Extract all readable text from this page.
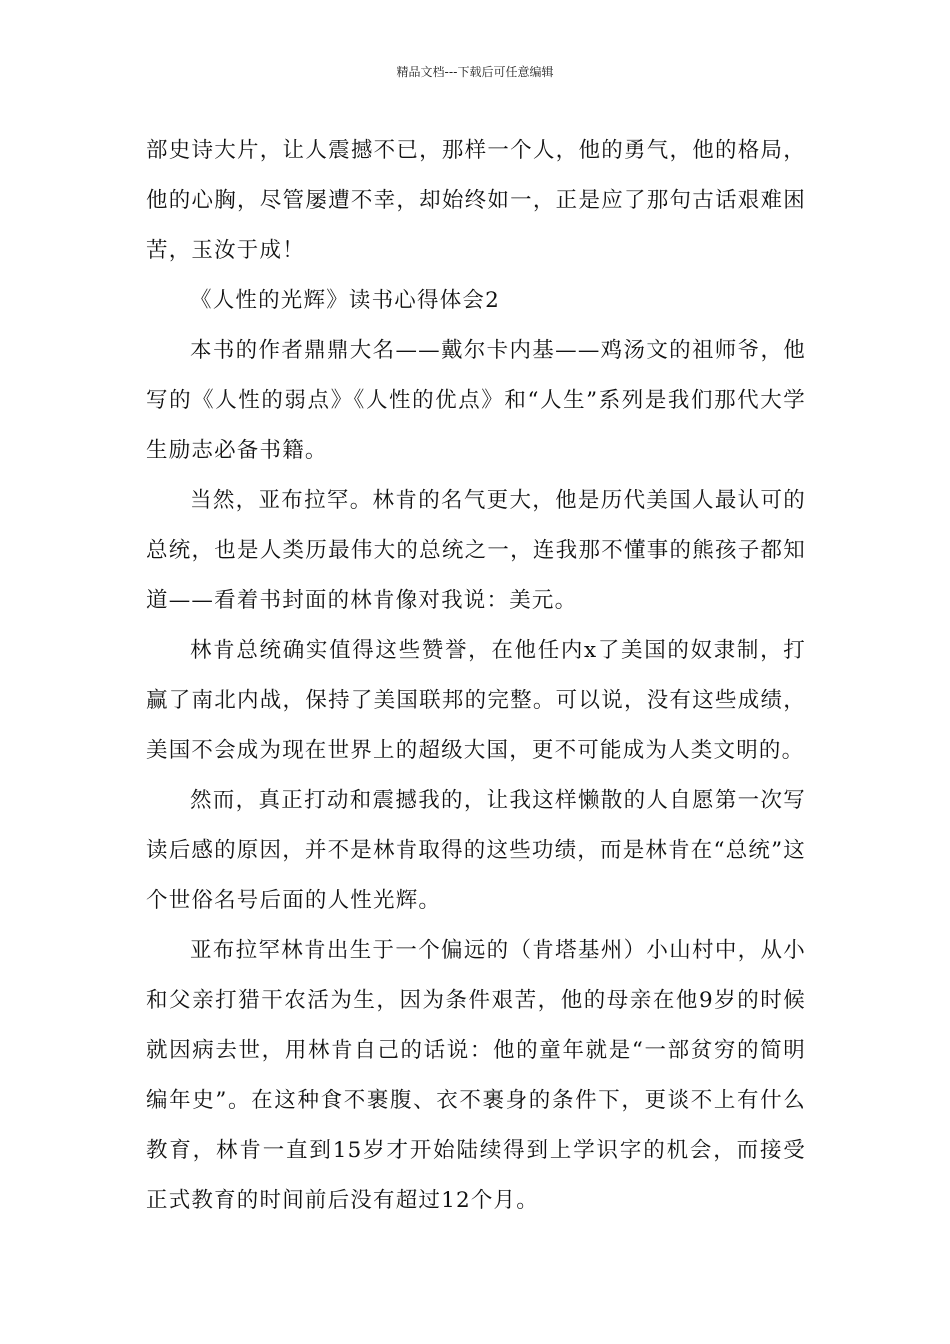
精品文档---下载后可任意编辑

部史诗大片，让人震撼不已，那样一个人，他的勇气，他的格局，他的心胸，尽管屡遭不幸，却始终如一，正是应了那句古话艰难困苦，玉汝于成！

《人性的光辉》读书心得体会2

本书的作者鼎鼎大名——戴尔卡内基——鸡汤文的祖师爷，他写的《人性的弱点》《人性的优点》和“人生”系列是我们那代大学生励志必备书籍。

当然，亚布拉罕。林肯的名气更大，他是历代美国人最认可的总统，也是人类历最伟大的总统之一，连我那不懂事的熊孩子都知道——看着书封面的林肯像对我说：美元。

林肯总统确实值得这些赞誉，在他任内x了美国的奴隶制，打赢了南北内战，保持了美国联邦的完整。可以说，没有这些成绩，美国不会成为现在世界上的超级大国，更不可能成为人类文明的。

然而，真正打动和震撼我的，让我这样懒散的人自愿第一次写读后感的原因，并不是林肯取得的这些功绩，而是林肯在“总统”这个世俗名号后面的人性光辉。

亚布拉罕林肯出生于一个偏远的（肯塔基州）小山村中，从小和父亲打猎干农活为生，因为条件艰苦，他的母亲在他9岁的时候就因病去世，用林肯自己的话说：他的童年就是“一部贫穷的简明编年史”。在这种食不裹腹、衣不裹身的条件下，更谈不上有什么教育，林肯一直到15岁才开始陆续得到上学识字的机会，而接受正式教育的时间前后没有超过12个月。
